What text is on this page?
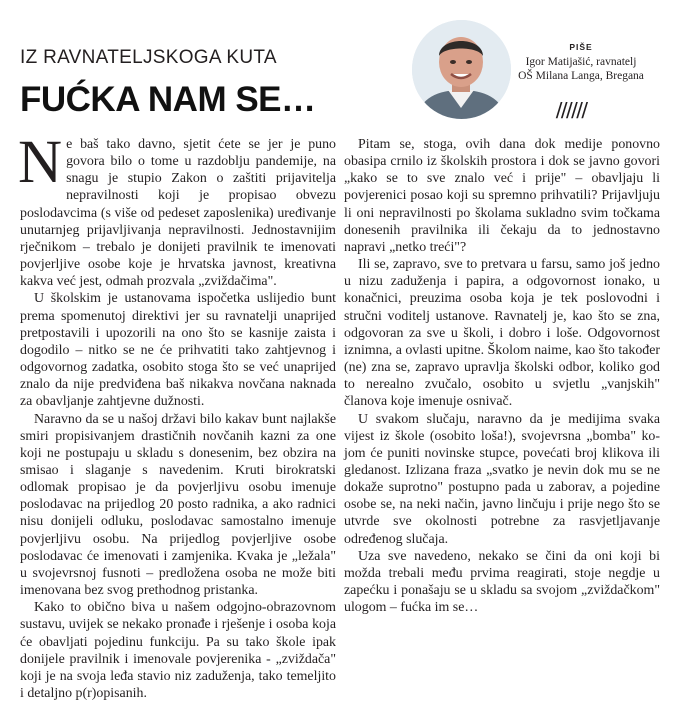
IZ RAVNATELJSKOGA KUTA
FUĆKA NAM SE…
PIŠE
Igor Matijašić, ravnatelj
OŠ Milana Langa, Bregana
//////

Ne baš tako davno, sjetit ćete se jer je puno govora bilo o tome u razdoblju pandemije, na snagu je stupio Zakon o zaštiti prijavitelja nepravilnosti koji je propisao obvezu poslodavcima (s više od pedeset zaposlenika) uređivanje unutarnjeg prijavljivanja nepravilnosti. Jednostavnijim rječnikom – trebalo je donijeti pravilnik te imenovati povjerljive osobe koje je hrvatska javnost, kreativna kakva već jest, odmah prozvala „zviždačima".

U školskim je ustanovama ispočetka uslijedio bunt prema spomenutoj direktivi jer su ravnatelji unaprijed pretpostavili i upozorili na ono što se kasnije zaista i dogodilo – nitko se ne će prihvatiti tako zahtjevnog i odgovornog zadatka, osobito stoga što se već unaprijed znalo da nije predviđena baš nikakva novčana naknada za obavljanje zahtjevne dužnosti.

Naravno da se u našoj državi bilo kakav bunt najlakše smiri propisivanjem drastičnih novčanih kazni za one koji ne postupaju u skladu s donesenim, bez obzira na smisao i slaganje s navedenim. Kruti birokratski odlomak propisao je da povjerljivu osobu imenuje poslodavac na prijedlog 20 posto radnika, a ako radnici nisu donijeli odluku, poslodavac samostalno imenuje povjerljivu osobu. Na prijedlog povjerljive osobe poslodavac će imenovati i zamjenika. Kvaka je „ležala" u svojevrsnoj fusnoti – predložena osoba ne može biti imenovana bez svog prethodnog pristanka.

Kako to obično biva u našem odgojno-obrazovnom sustavu, uvijek se nekako pronađe i rješenje i osoba koja će obavljati pojedinu funkciju. Pa su tako škole ipak donijele pravilnik i imenovale povjerenika - „zviždača" koji je na svoja leđa stavio niz zaduženja, tako temeljito i detaljno p(r)opisanih.

Pitam se, stoga, ovih dana dok medije ponovno obasipa crnilo iz školskih prostora i dok se javno govori „kako se to sve znalo već i prije" – obavljaju li povjerenici posao koji su spremno prihvatili? Prijavljuju li oni nepravilnosti po školama sukladno svim točkama donesenih pravilnika ili čekaju da to jednostavno napravi „netko treći"?

Ili se, zapravo, sve to pretvara u farsu, samo još jedno u nizu zaduženja i papira, a odgovornost ionako, u konačnici, preuzima osoba koja je tek poslovodni i stručni voditelj ustanove. Ravnatelj je, kao što se zna, odgovoran za sve u školi, i dobro i loše. Odgovornost iznimna, a ovlasti upitne. Školom naime, kao što također (ne) zna se, zapravo upravlja školski odbor, koliko god to nerealno zvučalo, osobito u svjetlu „vanjskih" članova koje imenuje osnivač.

U svakom slučaju, naravno da je medijima svaka vijest iz škole (osobito loša!), svojevrsna „bomba" kojom će puniti novinske stupce, povećati broj klikova ili gledanost. Izlizana fraza „svatko je nevin dok mu se ne dokaže suprotno" postupno pada u zaborav, a pojedine osobe se, na neki način, javno linčuju i prije nego što se utvrde sve okolnosti potrebne za rasvjetljavanje određenog slučaja.

Uza sve navedeno, nekako se čini da oni koji bi možda trebali među prvima reagirati, stoje negdje u zapećku i ponašaju se u skladu sa svojom „zviždačkom" ulogom – fućka im se…
